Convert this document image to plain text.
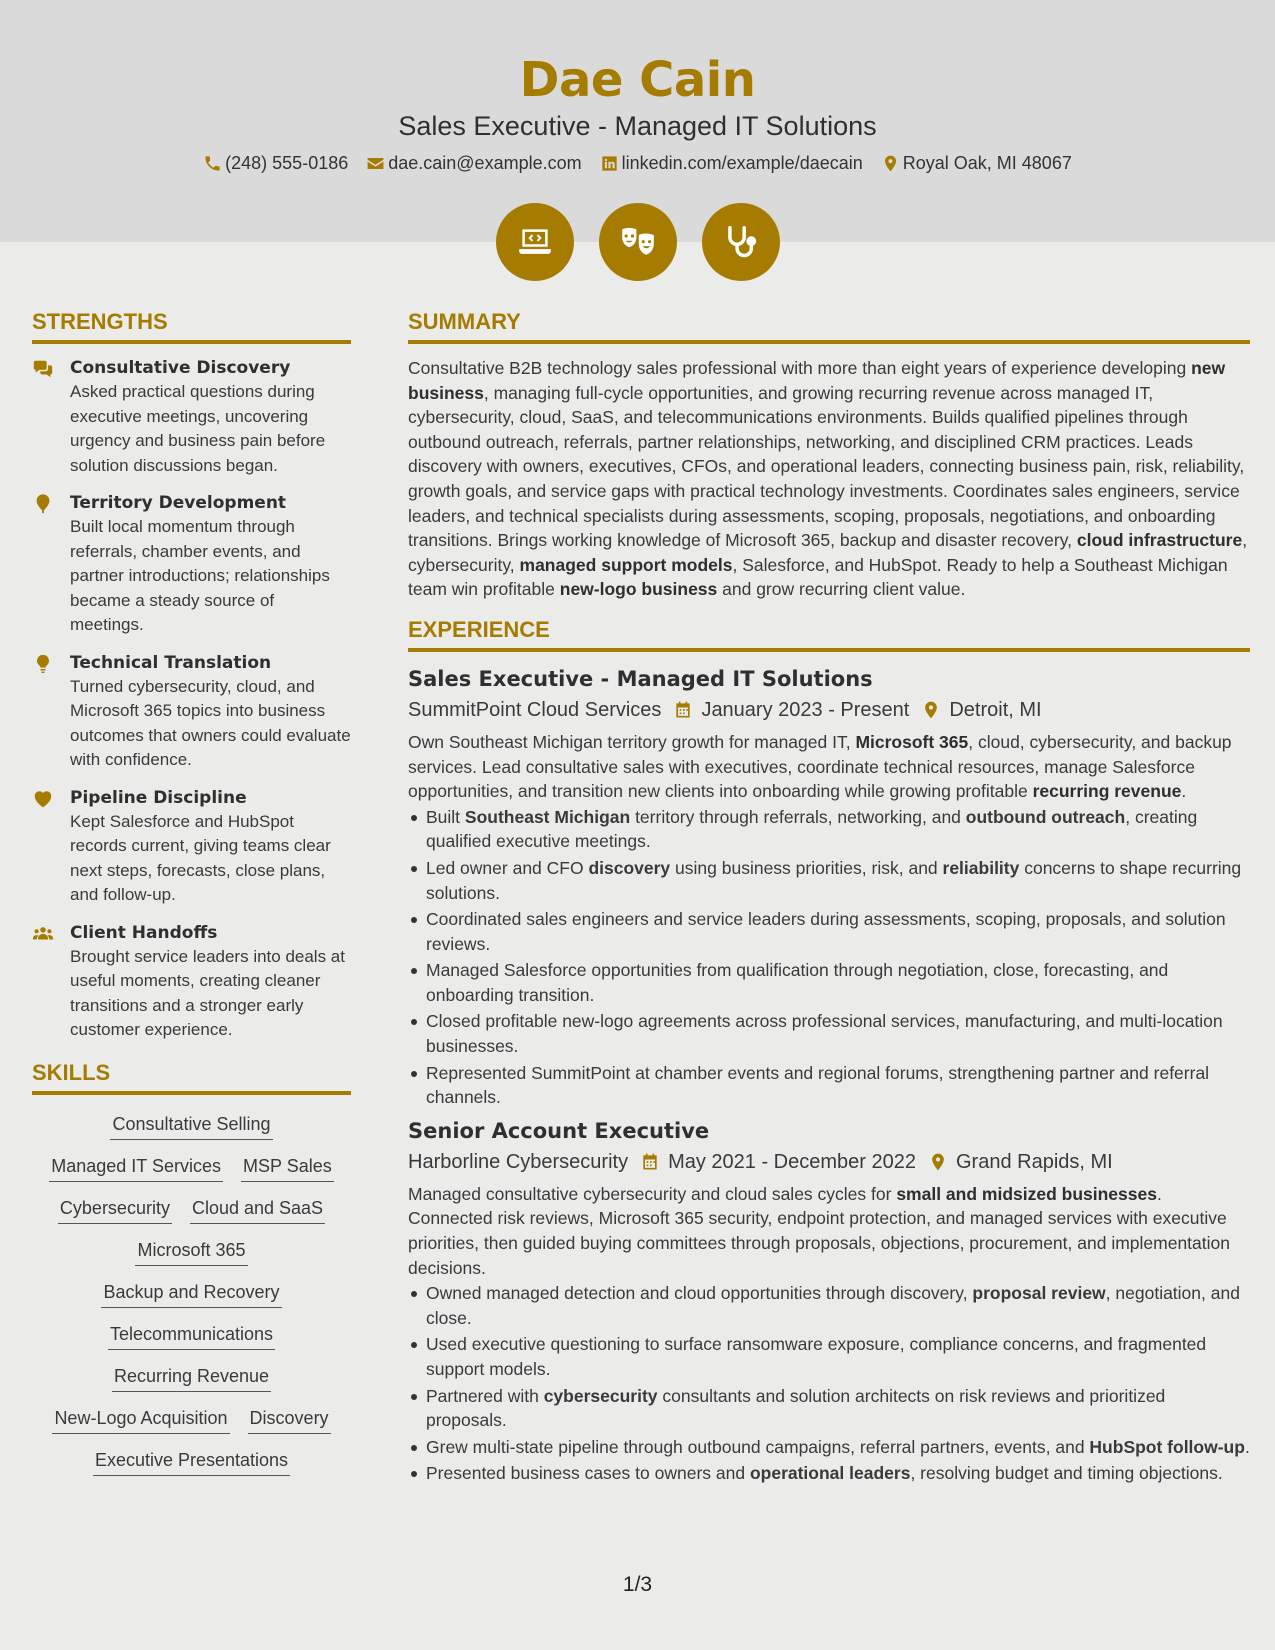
Dae Cain
Sales Executive - Managed IT Solutions
(248) 555-0186 dae.cain@example.com linkedin.com/example/daecain Royal Oak, MI 48067
STRENGTHS
Consultative Discovery
Asked practical questions during executive meetings, uncovering urgency and business pain before solution discussions began.
Territory Development
Built local momentum through referrals, chamber events, and partner introductions; relationships became a steady source of meetings.
Technical Translation
Turned cybersecurity, cloud, and Microsoft 365 topics into business outcomes that owners could evaluate with confidence.
Pipeline Discipline
Kept Salesforce and HubSpot records current, giving teams clear next steps, forecasts, close plans, and follow-up.
Client Handoffs
Brought service leaders into deals at useful moments, creating cleaner transitions and a stronger early customer experience.
SKILLS
Consultative Selling
Managed IT Services MSP Sales
Cybersecurity Cloud and SaaS
Microsoft 365
Backup and Recovery
Telecommunications
Recurring Revenue
New-Logo Acquisition Discovery
Executive Presentations
SUMMARY
Consultative B2B technology sales professional with more than eight years of experience developing new business, managing full-cycle opportunities, and growing recurring revenue across managed IT, cybersecurity, cloud, SaaS, and telecommunications environments. Builds qualified pipelines through outbound outreach, referrals, partner relationships, networking, and disciplined CRM practices. Leads discovery with owners, executives, CFOs, and operational leaders, connecting business pain, risk, reliability, growth goals, and service gaps with practical technology investments. Coordinates sales engineers, service leaders, and technical specialists during assessments, scoping, proposals, negotiations, and onboarding transitions. Brings working knowledge of Microsoft 365, backup and disaster recovery, cloud infrastructure, cybersecurity, managed support models, Salesforce, and HubSpot. Ready to help a Southeast Michigan team win profitable new-logo business and grow recurring client value.
EXPERIENCE
Sales Executive - Managed IT Solutions
SummitPoint Cloud Services January 2023 - Present Detroit, MI
Own Southeast Michigan territory growth for managed IT, Microsoft 365, cloud, cybersecurity, and backup services. Lead consultative sales with executives, coordinate technical resources, manage Salesforce opportunities, and transition new clients into onboarding while growing profitable recurring revenue.
Built Southeast Michigan territory through referrals, networking, and outbound outreach, creating qualified executive meetings.
Led owner and CFO discovery using business priorities, risk, and reliability concerns to shape recurring solutions.
Coordinated sales engineers and service leaders during assessments, scoping, proposals, and solution reviews.
Managed Salesforce opportunities from qualification through negotiation, close, forecasting, and onboarding transition.
Closed profitable new-logo agreements across professional services, manufacturing, and multi-location businesses.
Represented SummitPoint at chamber events and regional forums, strengthening partner and referral channels.
Senior Account Executive
Harborline Cybersecurity May 2021 - December 2022 Grand Rapids, MI
Managed consultative cybersecurity and cloud sales cycles for small and midsized businesses. Connected risk reviews, Microsoft 365 security, endpoint protection, and managed services with executive priorities, then guided buying committees through proposals, objections, procurement, and implementation decisions.
Owned managed detection and cloud opportunities through discovery, proposal review, negotiation, and close.
Used executive questioning to surface ransomware exposure, compliance concerns, and fragmented support models.
Partnered with cybersecurity consultants and solution architects on risk reviews and prioritized proposals.
Grew multi-state pipeline through outbound campaigns, referral partners, events, and HubSpot follow-up.
Presented business cases to owners and operational leaders, resolving budget and timing objections.
1/3
